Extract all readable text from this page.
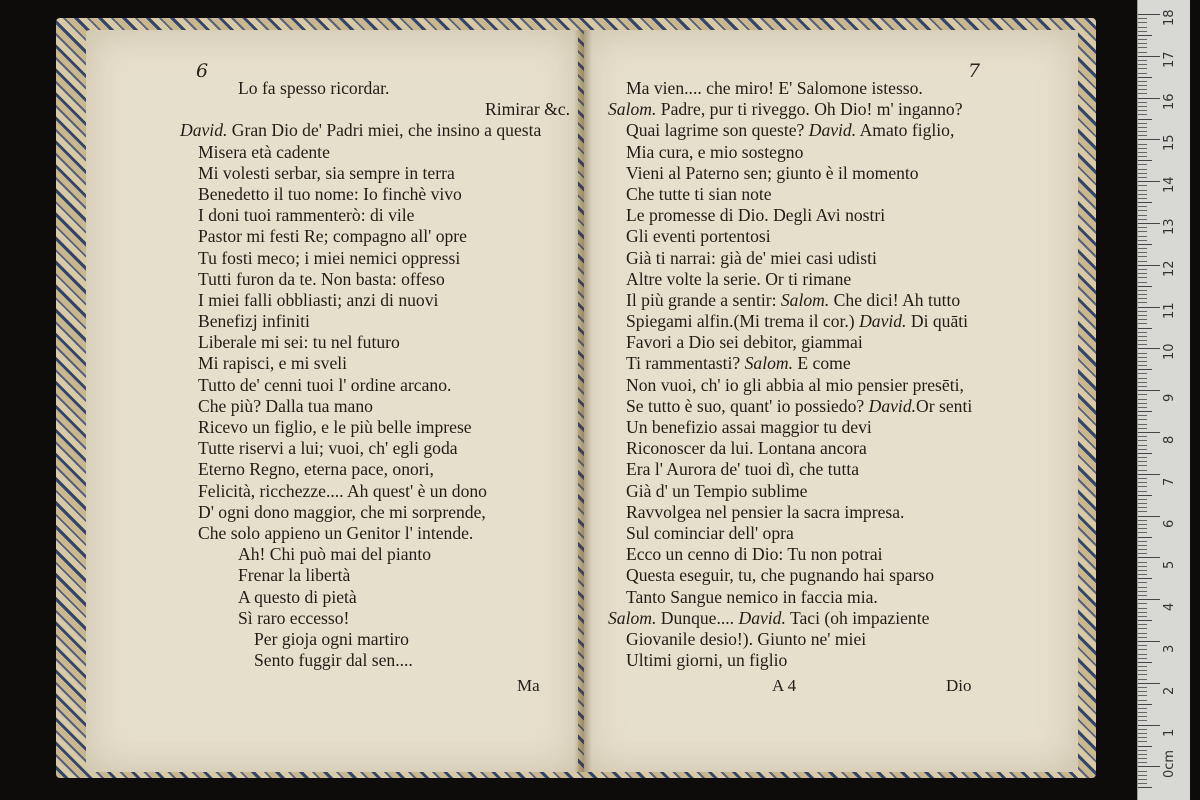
6	7
Lo fa spesso ricordar.
Rimirar &c.
David. Gran Dio de' Padri miei, che insino a questa
Misera età cadente
Mi volesti serbar, sia sempre in terra
Benedetto il tuo nome: Io finchè vivo
I doni tuoi rammenterò: di vile
Pastor mi festi Re; compagno all' opre
Tu fosti meco; i miei nemici oppressi
Tutti furon da te. Non basta: offeso
I miei falli obbliasti; anzi di nuovi
Benefizj infiniti
Liberale mi sei: tu nel futuro
Mi rapisci, e mi sveli
Tutto de' cenni tuoi l' ordine arcano.
Che più? Dalla tua mano
Ricevo un figlio, e le più belle imprese
Tutte riservi a lui; vuoi, ch' egli goda
Eterno Regno, eterna pace, onori,
Felicità, ricchezze.... Ah quest' è un dono
D' ogni dono maggior, che mi sorprende,
Che solo appieno un Genitor l' intende.
Ah! Chi può mai del pianto
Frenar la libertà
A questo di pietà
Sì raro eccesso!
Per gioja ogni martiro
Sento fuggir dal sen....
Ma vien.... che miro! E' Salomone istesso.
Salom. Padre, pur ti riveggo. Oh Dio! m' inganno?
Quai lagrime son queste? David. Amato figlio,
Mia cura, e mio sostegno
Vieni al Paterno sen; giunto è il momento
Che tutte ti sian note
Le promesse di Dio. Degli Avi nostri
Gli eventi portentosi
Già ti narrai: già de' miei casi udisti
Altre volte la serie. Or ti rimane
Il più grande a sentir: Salom. Che dici! Ah tutto
Spiegami alfin.(Mi trema il cor.) David. Di quāti
Favori a Dio sei debitor, giammai
Ti rammentasti? Salom. E come
Non vuoi, ch' io gli abbia al mio pensier presēti,
Se tutto è suo, quant' io possiedo? David.Or senti
Un benefizio assai maggior tu devi
Riconoscer da lui. Lontana ancora
Era l' Aurora de' tuoi dì, che tutta
Già d' un Tempio sublime
Ravvolgea nel pensier la sacra impresa.
Sul cominciar dell' opra
Ecco un cenno di Dio: Tu non potrai
Questa eseguir, tu, che pugnando hai sparso
Tanto Sangue nemico in faccia mia.
Salom. Dunque.... David. Taci (oh impaziente
Giovanile desio!). Giunto ne' miei
Ultimi giorni, un figlio
Ma	A 4	Dio
18
17
16
15
14
13
12
11
10
9
8
7
6
5
4
3
2
1
0cm
